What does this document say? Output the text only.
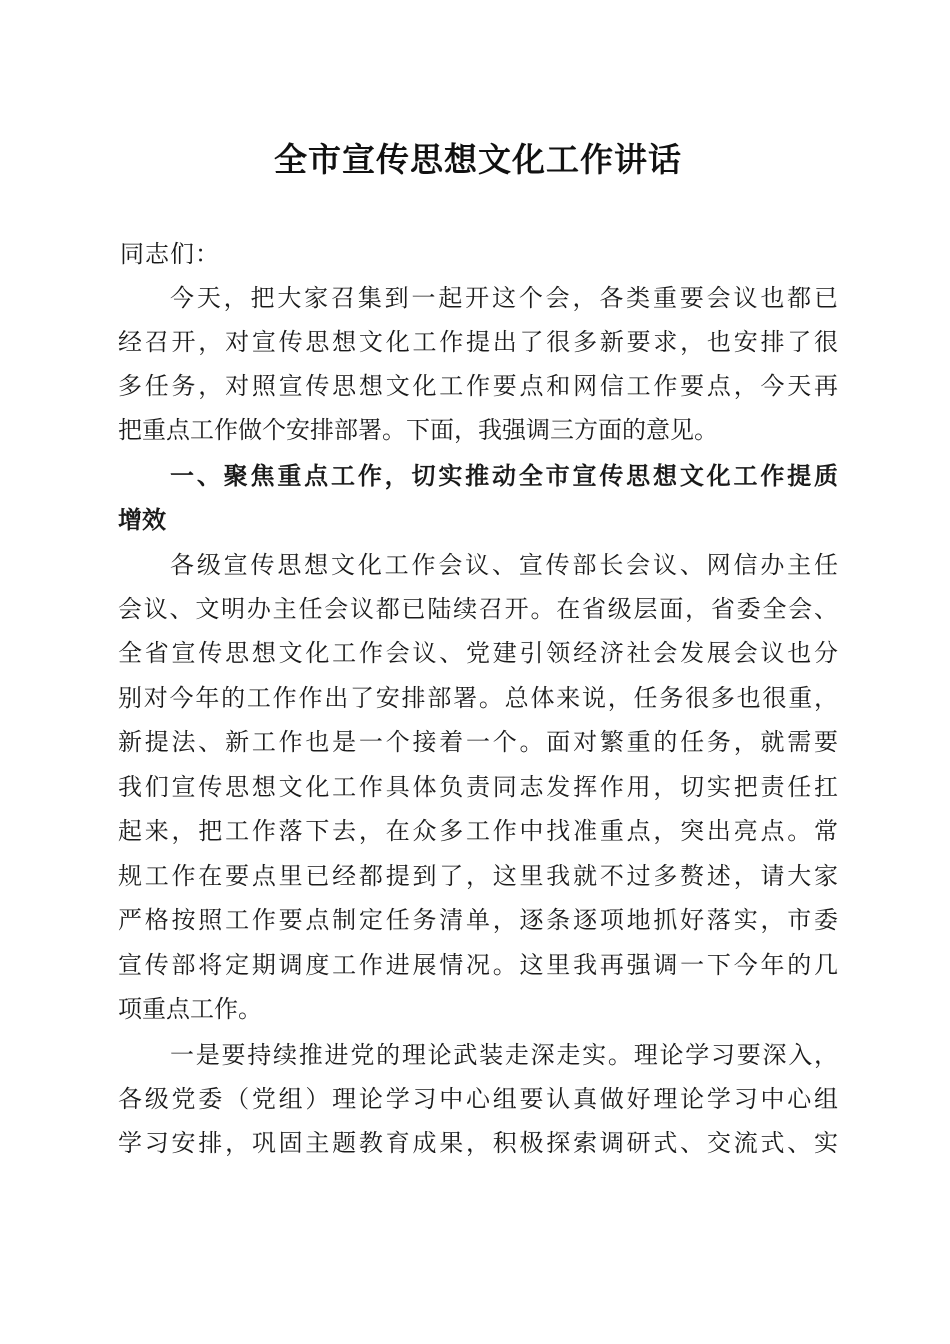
全市宣传思想文化工作讲话
同志们：
今天，把大家召集到一起开这个会，各类重要会议也都已
经召开，对宣传思想文化工作提出了很多新要求，也安排了很
多任务，对照宣传思想文化工作要点和网信工作要点，今天再
把重点工作做个安排部署。下面，我强调三方面的意见。
一、聚焦重点工作，切实推动全市宣传思想文化工作提质
增效
各级宣传思想文化工作会议、宣传部长会议、网信办主任
会议、文明办主任会议都已陆续召开。在省级层面，省委全会、
全省宣传思想文化工作会议、党建引领经济社会发展会议也分
别对今年的工作作出了安排部署。总体来说，任务很多也很重，
新提法、新工作也是一个接着一个。面对繁重的任务，就需要
我们宣传思想文化工作具体负责同志发挥作用，切实把责任扛
起来，把工作落下去，在众多工作中找准重点，突出亮点。常
规工作在要点里已经都提到了，这里我就不过多赘述，请大家
严格按照工作要点制定任务清单，逐条逐项地抓好落实，市委
宣传部将定期调度工作进展情况。这里我再强调一下今年的几
项重点工作。
一是要持续推进党的理论武装走深走实。理论学习要深入，
各级党委（党组）理论学习中心组要认真做好理论学习中心组
学习安排，巩固主题教育成果，积极探索调研式、交流式、实
